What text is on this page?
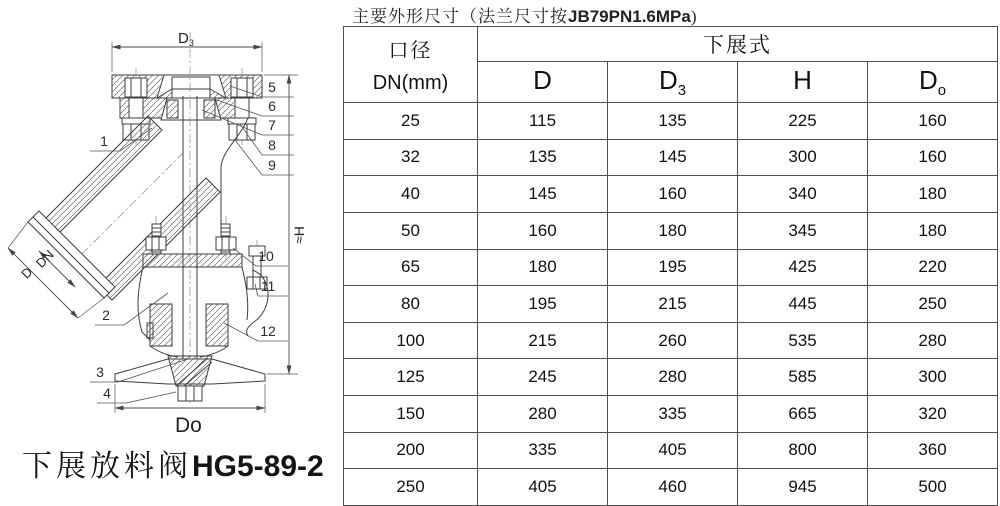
$D_3$
DN
D
Do
≈H
1
2
3
4
5
6
7
8
9
10
11
12
下展放料阀HG5-89-2
主要外形尺寸（法兰尺寸按JB79PN1.6MPa)
口径
DN(mm)	下展式			
	D	$D_3$	H	$D_o$
25	115	135	225	160
32	135	145	300	160
40	145	160	340	180
50	160	180	345	180
65	180	195	425	220
80	195	215	445	250
100	215	260	535	280
125	245	280	585	300
150	280	335	665	320
200	335	405	800	360
250	405	460	945	500
